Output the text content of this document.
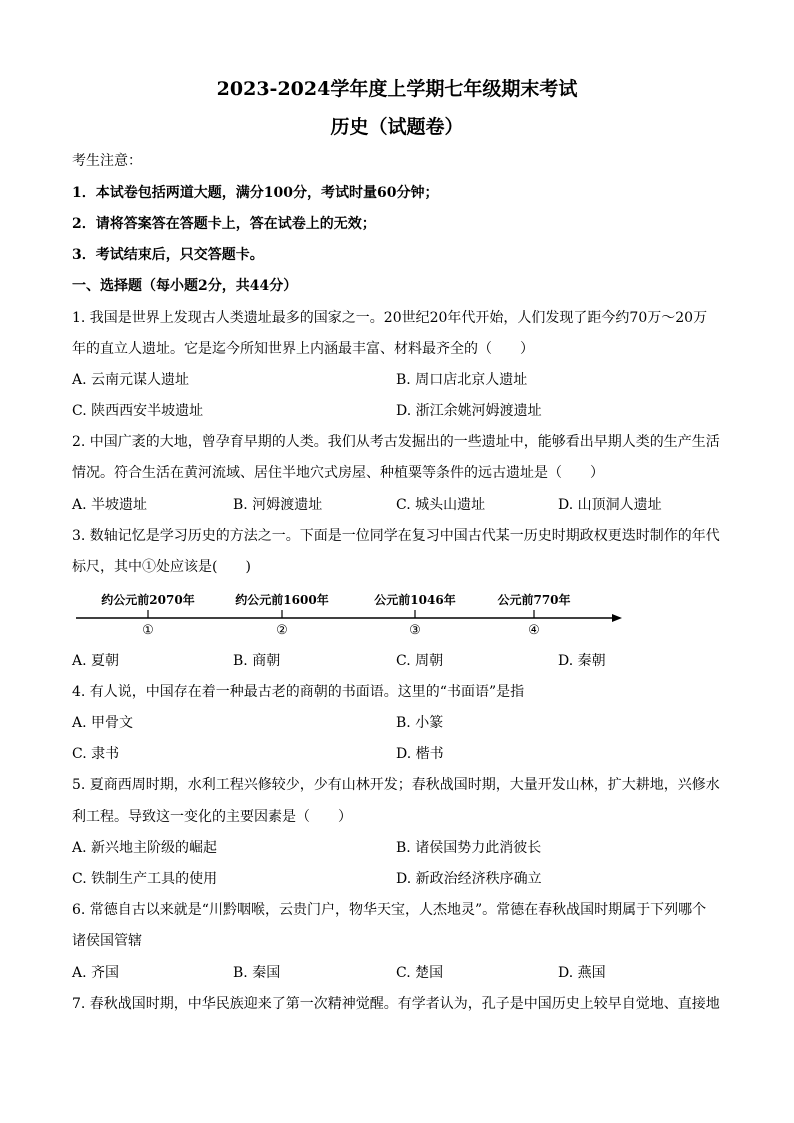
2023-2024学年度上学期七年级期末考试
历史（试题卷）
考生注意：
1．本试卷包括两道大题，满分100分，考试时量60分钟；
2．请将答案答在答题卡上，答在试卷上的无效；
3．考试结束后，只交答题卡。
一、选择题（每小题2分，共44分）
1. 我国是世界上发现古人类遗址最多的国家之一。20世纪20年代开始，人们发现了距今约70万～20万
年的直立人遗址。它是迄今所知世界上内涵最丰富、材料最齐全的（　　）
A. 云南元谋人遗址	B. 周口店北京人遗址
C. 陕西西安半坡遗址	D. 浙江余姚河姆渡遗址
2. 中国广袤的大地，曾孕育早期的人类。我们从考古发掘出的一些遗址中，能够看出早期人类的生产生活
情况。符合生活在黄河流域、居住半地穴式房屋、种植粟等条件的远古遗址是（　　）
A. 半坡遗址	B. 河姆渡遗址	C. 城头山遗址	D. 山顶洞人遗址
3. 数轴记忆是学习历史的方法之一。下面是一位同学在复习中国古代某一历史时期政权更迭时制作的年代
标尺，其中①处应该是(　　)
约公元前2070年	约公元前1600年	公元前1046年	公元前770年
①	②	③	④
A. 夏朝	B. 商朝	C. 周朝	D. 秦朝
4. 有人说，中国存在着一种最古老的商朝的书面语。这里的“书面语”是指
A. 甲骨文	B. 小篆
C. 隶书	D. 楷书
5. 夏商西周时期，水利工程兴修较少，少有山林开发；春秋战国时期，大量开发山林，扩大耕地，兴修水
利工程。导致这一变化的主要因素是（　　）
A. 新兴地主阶级的崛起	B. 诸侯国势力此消彼长
C. 铁制生产工具的使用	D. 新政治经济秩序确立
6. 常德自古以来就是“川黔咽喉，云贵门户，物华天宝，人杰地灵”。常德在春秋战国时期属于下列哪个
诸侯国管辖
A. 齐国	B. 秦国	C. 楚国	D. 燕国
7. 春秋战国时期，中华民族迎来了第一次精神觉醒。有学者认为，孔子是中国历史上较早自觉地、直接地
